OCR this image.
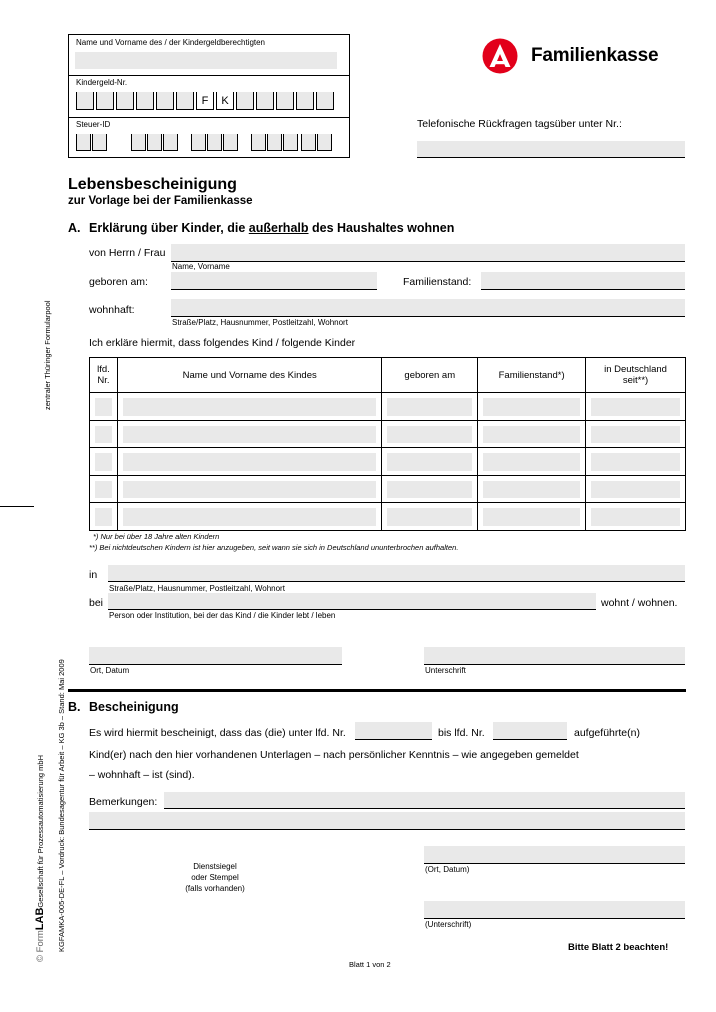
Name und Vorname des / der Kindergeldberechtigten
Kindergeld-Nr.
F	K
Steuer-ID
Familienkasse
Telefonische Rückfragen tagsüber unter Nr.:
Lebensbescheinigung
zur Vorlage bei der Familienkasse
A. Erklärung über Kinder, die außerhalb des Haushaltes wohnen
von Herrn / Frau
Name, Vorname
geboren am:	Familienstand:
wohnhaft:
Straße/Platz, Hausnummer, Postleitzahl, Wohnort
Ich erkläre hiermit, dass folgendes Kind / folgende Kinder
lfd. Nr.	Name und Vorname des Kindes	geboren am	Familienstand*)	in Deutschland seit**)

*) Nur bei über 18 Jahre alten Kindern
**) Bei nichtdeutschen Kindern ist hier anzugeben, seit wann sie sich in Deutschland ununterbrochen aufhalten.
in
Straße/Platz, Hausnummer, Postleitzahl, Wohnort
bei	wohnt / wohnen.
Person oder Institution, bei der das Kind / die Kinder lebt / leben
Ort, Datum	Unterschrift
B. Bescheinigung
Es wird hiermit bescheinigt, dass das (die) unter lfd. Nr.	bis lfd. Nr.	aufgeführte(n)
Kind(er) nach den hier vorhandenen Unterlagen – nach persönlicher Kenntnis – wie angegeben gemeldet
– wohnhaft – ist (sind).
Bemerkungen:
Dienstsiegel
oder Stempel
(falls vorhanden)
(Ort, Datum)
(Unterschrift)
Bitte Blatt 2 beachten!
Blatt 1 von 2
zentraler Thüringer Formularpool
© FormLABGesellschaft für Prozessautomatisierung mbH KGFAMKA-005-DE-FL – Vordruck: Bundesagentur für Arbeit – KG 3b – Stand: Mai 2009
